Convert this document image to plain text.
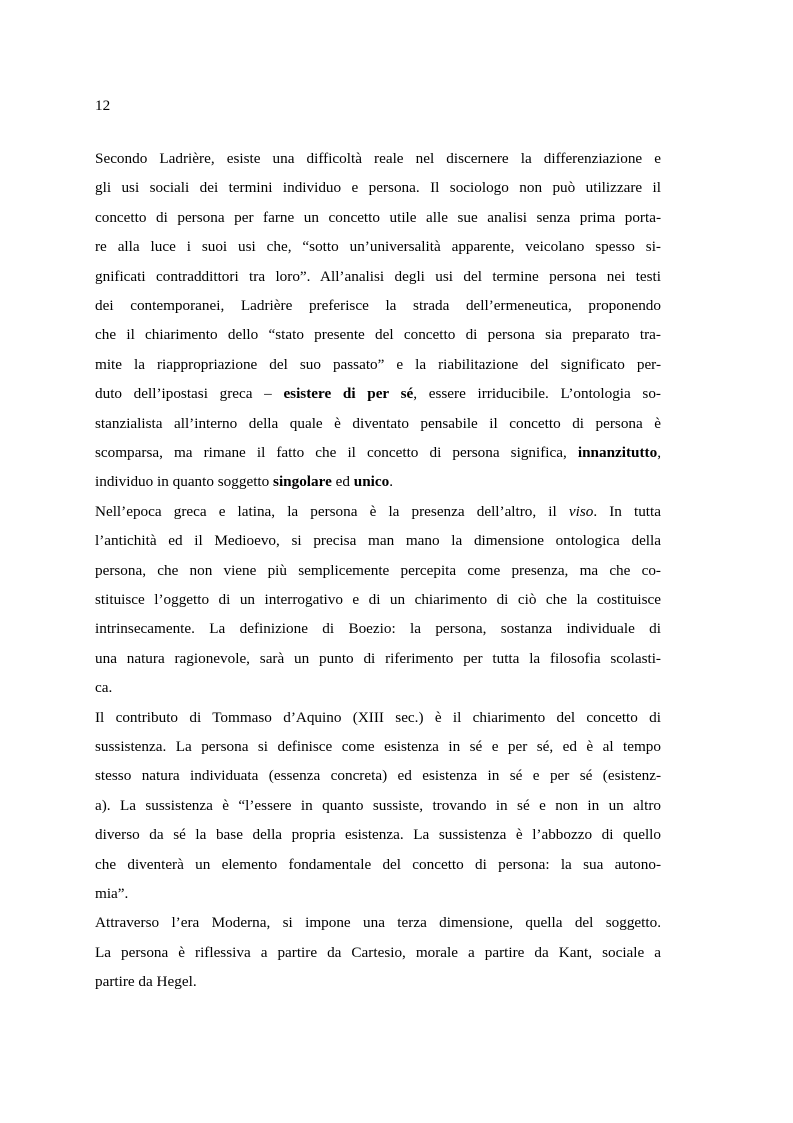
12
Secondo Ladrière, esiste una difficoltà reale nel discernere la differenziazione e
gli usi sociali dei termini individuo e persona. Il sociologo non può utilizzare il
concetto di persona per farne un concetto utile alle sue analisi senza prima porta-
re alla luce i suoi usi che, “sotto un’universalità apparente, veicolano spesso si-
gnificati contraddittori tra loro”. All’analisi degli usi del termine persona nei testi
dei contemporanei, Ladrière preferisce la strada dell’ermeneutica, proponendo
che il chiarimento dello “stato presente del concetto di persona sia preparato tra-
mite la riappropriazione del suo passato” e la riabilitazione del significato per-
duto dell’ipostasi greca – esistere di per sé, essere irriducibile. L’ontologia so-
stanzialista all’interno della quale è diventato pensabile il concetto di persona è
scomparsa, ma rimane il fatto che il concetto di persona significa, innanzitutto,
individuo in quanto soggetto singolare ed unico.
Nell’epoca greca e latina, la persona è la presenza dell’altro, il viso. In tutta
l’antichità ed il Medioevo, si precisa man mano la dimensione ontologica della
persona, che non viene più semplicemente percepita come presenza, ma che co-
stituisce l’oggetto di un interrogativo e di un chiarimento di ciò che la costituisce
intrinsecamente. La definizione di Boezio: la persona, sostanza individuale di
una natura ragionevole, sarà un punto di riferimento per tutta la filosofia scolasti-
ca.
Il contributo di Tommaso d’Aquino (XIII sec.) è il chiarimento del concetto di
sussistenza. La persona si definisce come esistenza in sé e per sé, ed è al tempo
stesso natura individuata (essenza concreta) ed esistenza in sé e per sé (esistenz-
a). La sussistenza è “l’essere in quanto sussiste, trovando in sé e non in un altro
diverso da sé la base della propria esistenza. La sussistenza è l’abbozzo di quello
che diventerà un elemento fondamentale del concetto di persona: la sua autono-
mia”.
Attraverso l’era Moderna, si impone una terza dimensione, quella del soggetto.
La persona è riflessiva a partire da Cartesio, morale a partire da Kant, sociale a
partire da Hegel.
